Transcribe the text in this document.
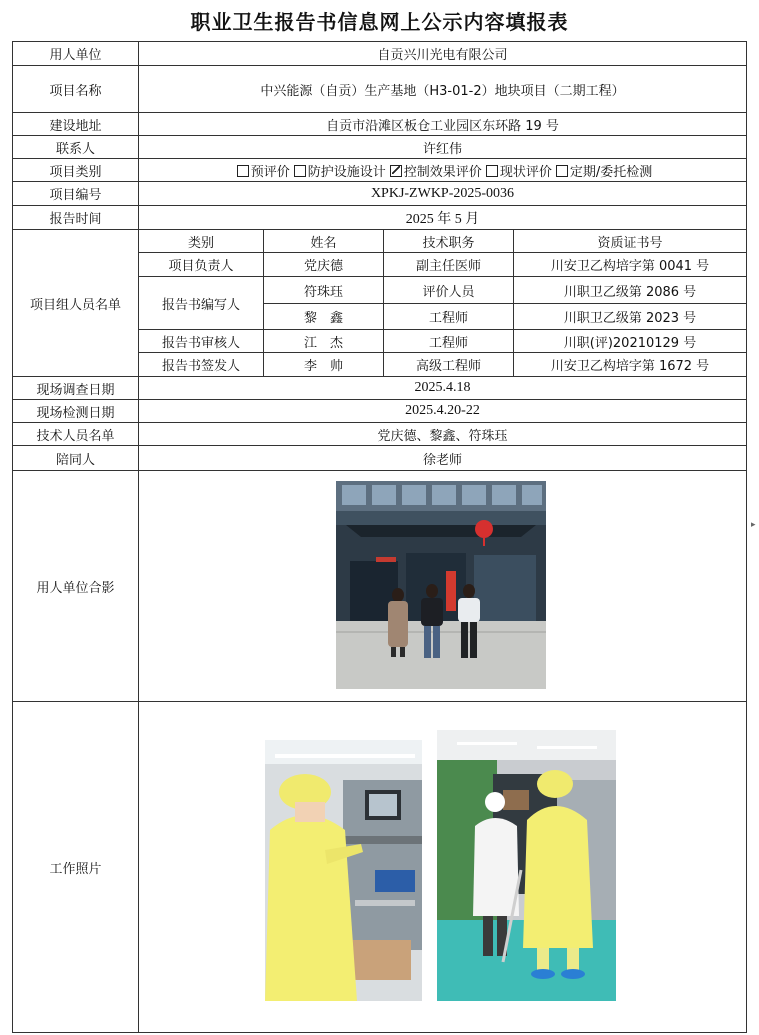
职业卫生报告书信息网上公示内容填报表
用人单位	自贡兴川光电有限公司
项目名称	中兴能源（自贡）生产基地（H3-01-2）地块项目（二期工程）
建设地址	自贡市沿滩区板仓工业园区东环路 19 号
联系人	许红伟
项目类别	预评价 防护设施设计 控制效果评价 现状评价 定期/委托检测
项目编号	XPKJ-ZWKP-2025-0036
报告时间	2025 年 5 月
项目组人员名单
类别	姓名	技术职务	资质证书号
项目负责人	党庆德	副主任医师	川安卫乙构培字第 0041 号
报告书编写人
符珠珏	评价人员	川职卫乙级第 2086 号
黎　鑫	工程师	川职卫乙级第 2023 号
报告书审核人	江　杰	工程师	川职(评)20210129 号
报告书签发人	李　帅	高级工程师	川安卫乙构培字第 1672 号
现场调查日期	2025.4.18
现场检测日期	2025.4.20-22
技术人员名单	党庆德、黎鑫、符珠珏
陪同人	徐老师
用人单位合影
工作照片
▸
